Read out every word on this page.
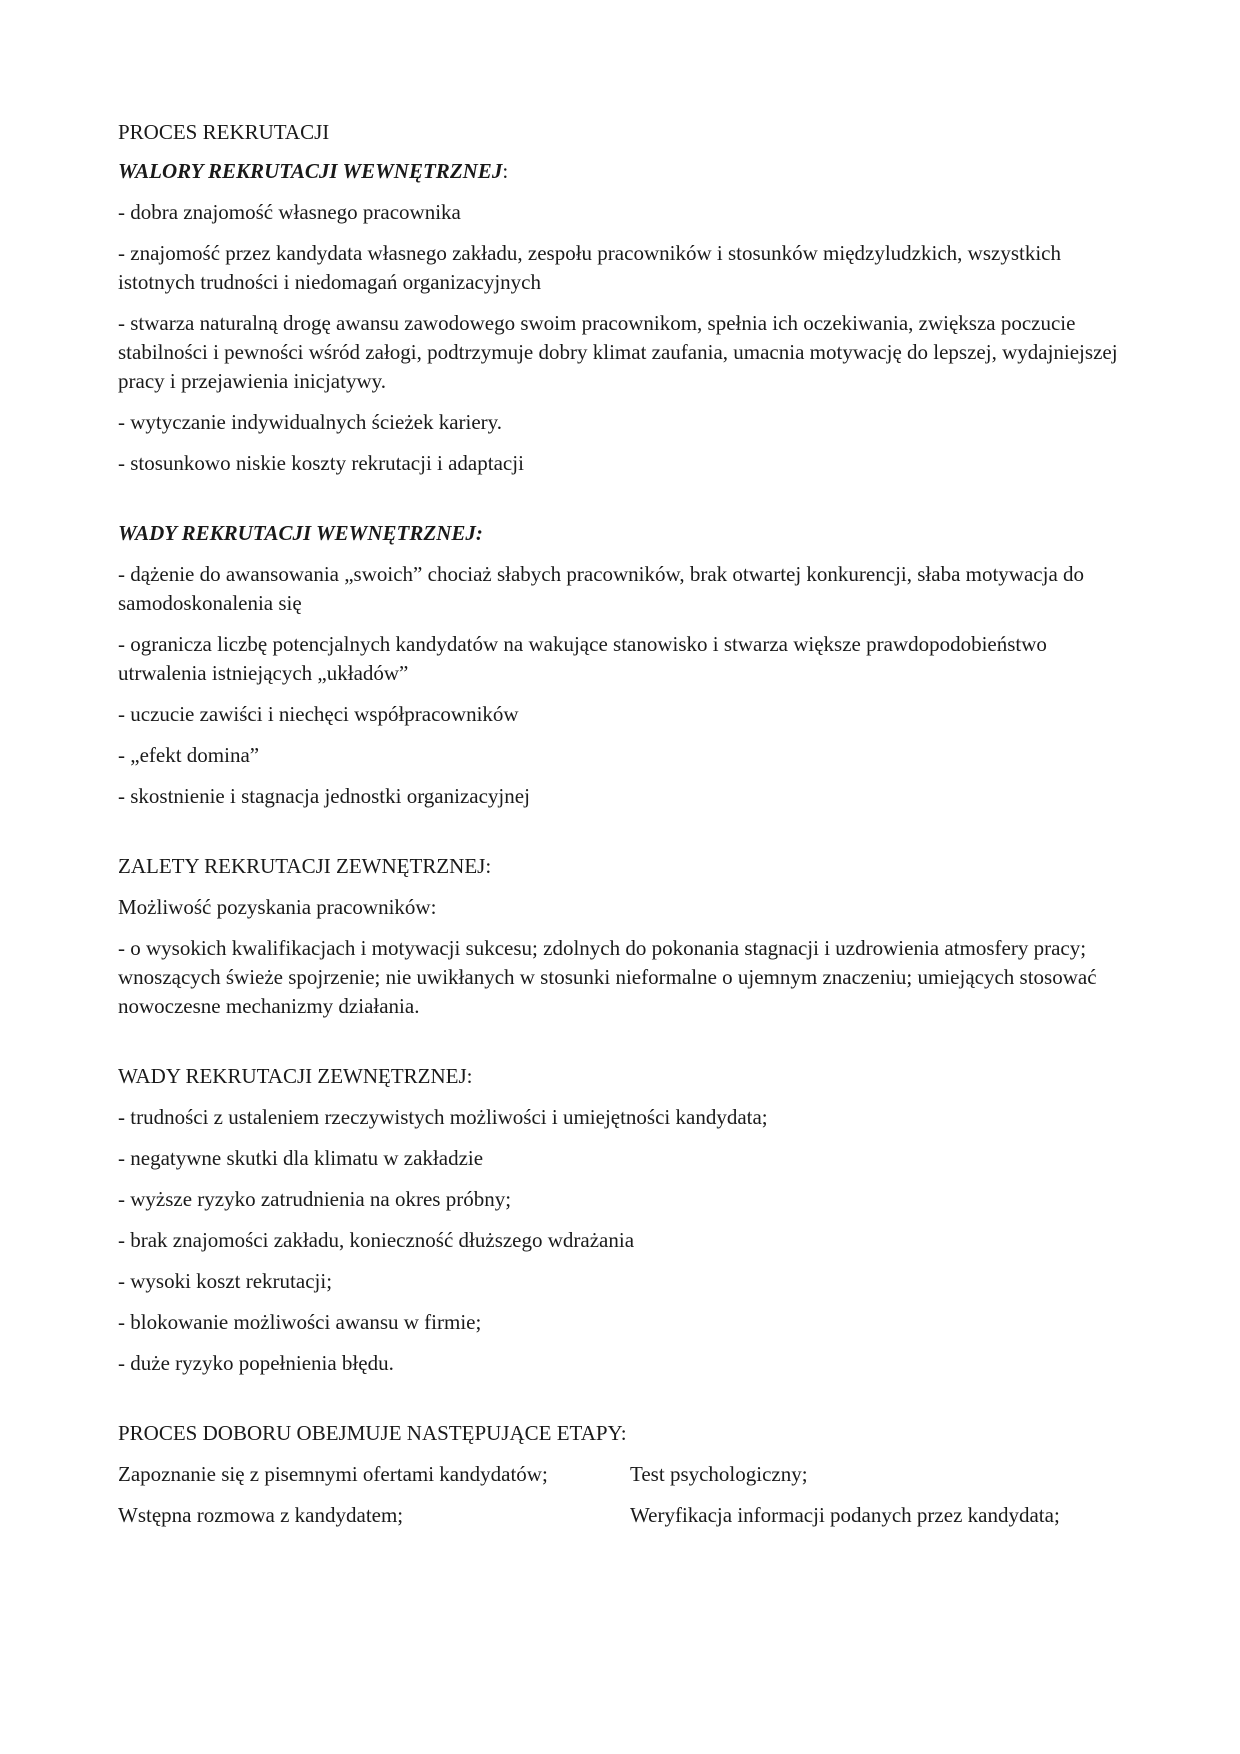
PROCES REKRUTACJI

WALORY REKRUTACJI WEWNĘTRZNEJ:

- dobra znajomość własnego pracownika

- znajomość przez kandydata własnego zakładu, zespołu pracowników i stosunków międzyludzkich, wszystkich istotnych trudności i niedomagań organizacyjnych

- stwarza naturalną drogę awansu zawodowego swoim pracownikom, spełnia ich oczekiwania, zwiększa poczucie stabilności i pewności wśród załogi, podtrzymuje dobry klimat zaufania, umacnia motywację do lepszej, wydajniejszej pracy i przejawienia inicjatywy.

- wytyczanie indywidualnych ścieżek kariery.

- stosunkowo niskie koszty rekrutacji i adaptacji

WADY REKRUTACJI WEWNĘTRZNEJ:

- dążenie do awansowania „swoich” chociaż słabych pracowników, brak otwartej konkurencji, słaba motywacja do samodoskonalenia się

- ogranicza liczbę potencjalnych kandydatów na wakujące stanowisko i stwarza większe prawdopodobieństwo utrwalenia istniejących „układów”

- uczucie zawiści i niechęci współpracowników

- „efekt domina”

- skostnienie i stagnacja jednostki organizacyjnej

ZALETY REKRUTACJI ZEWNĘTRZNEJ:

Możliwość pozyskania pracowników:

- o wysokich kwalifikacjach i motywacji sukcesu; zdolnych do pokonania stagnacji i uzdrowienia atmosfery pracy; wnoszących świeże spojrzenie; nie uwikłanych w stosunki nieformalne o ujemnym znaczeniu; umiejących stosować nowoczesne mechanizmy działania.

WADY REKRUTACJI ZEWNĘTRZNEJ:

- trudności z ustaleniem rzeczywistych możliwości i umiejętności kandydata;

- negatywne skutki dla klimatu w zakładzie

- wyższe ryzyko zatrudnienia na okres próbny;

- brak znajomości zakładu, konieczność dłuższego wdrażania

- wysoki koszt rekrutacji;

- blokowanie możliwości awansu w firmie;

- duże ryzyko popełnienia błędu.

PROCES DOBORU OBEJMUJE NASTĘPUJĄCE ETAPY:

Zapoznanie się z pisemnymi ofertami kandydatów;

Wstępna rozmowa z kandydatem;

Test psychologiczny;

Weryfikacja informacji podanych przez kandydata;
